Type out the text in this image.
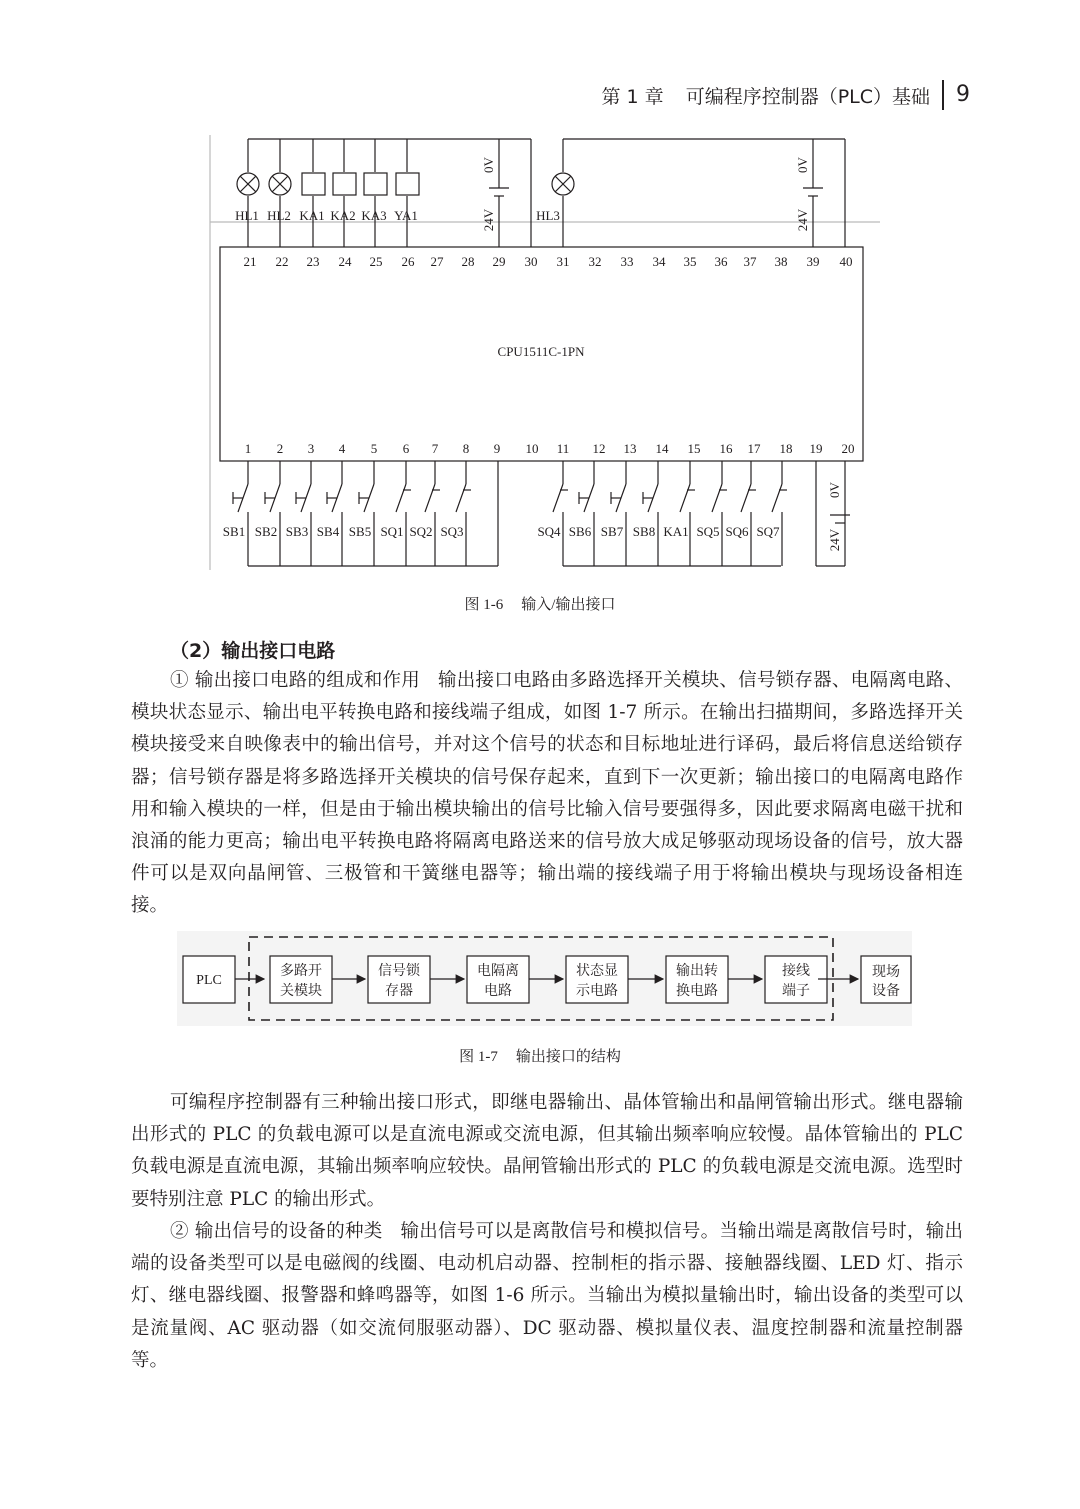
第 1 章 可编程序控制器（PLC）基础	9
21 22 23 24 25 26 27 28 29 30 31 32 33 34 35 36 37 38 39 40
1 2 3 4 5 6 7 8 9 10 11 12 13 14 15 16 17 18 19 20
CPU1511C-1PN
HL1 HL2 KA1 KA2 KA3 YA1	HL3
0V
24V
0V
24V
SB1 SB2 SB3 SB4 SB5 SQ1 SQ2 SQ3	SQ4 SB6 SB7 SB8 KA1 SQ5 SQ6 SQ7
0V
24V
图 1-6 输入/输出接口
（2）输出接口电路

① 输出接口电路的组成和作用 输出接口电路由多路选择开关模块、信号锁存器、电隔离电路、模块状态显示、输出电平转换电路和接线端子组成，如图 1-7 所示。在输出扫描期间，多路选择开关模块接受来自映像表中的输出信号，并对这个信号的状态和目标地址进行译码，最后将信息送给锁存器；信号锁存器是将多路选择开关模块的信号保存起来，直到下一次更新；输出接口的电隔离电路作用和输入模块的一样，但是由于输出模块输出的信号比输入信号要强得多，因此要求隔离电磁干扰和浪涌的能力更高；输出电平转换电路将隔离电路送来的信号放大成足够驱动现场设备的信号，放大器件可以是双向晶闸管、三极管和干簧继电器等；输出端的接线端子用于将输出模块与现场设备相连接。

PLC
多路开
关模块
信号锁
存器
电隔离
电路
状态显
示电路
输出转
换电路
接线
端子
现场
设备
图 1-7 输出接口的结构

可编程序控制器有三种输出接口形式，即继电器输出、晶体管输出和晶闸管输出形式。继电器输出形式的 PLC 的负载电源可以是直流电源或交流电源，但其输出频率响应较慢。晶体管输出的 PLC 负载电源是直流电源，其输出频率响应较快。晶闸管输出形式的 PLC 的负载电源是交流电源。选型时要特别注意 PLC 的输出形式。

② 输出信号的设备的种类 输出信号可以是离散信号和模拟信号。当输出端是离散信号时，输出端的设备类型可以是电磁阀的线圈、电动机启动器、控制柜的指示器、接触器线圈、LED 灯、指示灯、继电器线圈、报警器和蜂鸣器等，如图 1-6 所示。当输出为模拟量输出时，输出设备的类型可以是流量阀、AC 驱动器（如交流伺服驱动器）、DC 驱动器、模拟量仪表、温度控制器和流量控制器等。
